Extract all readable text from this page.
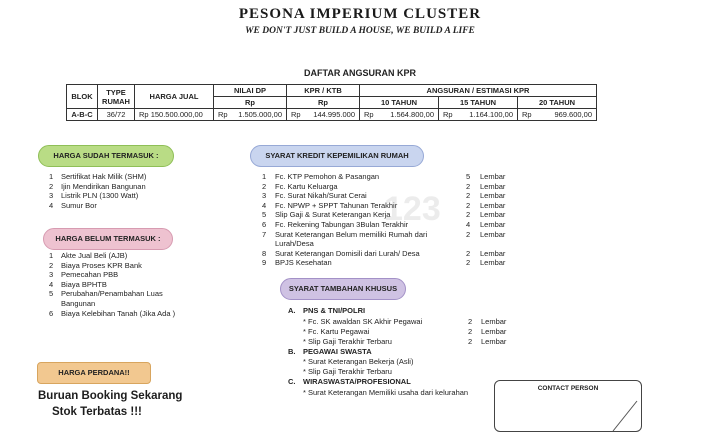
PESONA IMPERIUM CLUSTER
WE DON'T JUST BUILD A HOUSE, WE BUILD A LIFE
DAFTAR ANGSURAN KPR
BLOK	TYPE RUMAH	HARGA JUAL	NILAI DP	KPR / KTB	ANGSURAN / ESTIMASI KPR		
			Rp	Rp	10 TAHUN	15 TAHUN	20 TAHUN
A-B-C	36/72	Rp 150.500.000,00	Rp 1.505.000,00	Rp 144.995.000	Rp 1.564.800,00	Rp 1.164.100,00	Rp 969.600,00
HARGA SUDAH TERMASUK :
1 Sertifikat Hak Milik (SHM)
2 Ijin Mendirikan Bangunan
3 Listrik PLN (1300 Watt)
4 Sumur Bor
HARGA BELUM TERMASUK :
1 Akte Jual Beli (AJB)
2 Biaya Proses KPR Bank
3 Pemecahan PBB
4 Biaya BPHTB
5 Perubahan/Penambahan Luas
Bangunan
6 Biaya Kelebihan Tanah (Jika Ada )
HARGA PERDANA!!
Buruan Booking Sekarang
Stok Terbatas !!!
SYARAT KREDIT KEPEMILIKAN RUMAH
1 Fc. KTP Pemohon & Pasangan	5 Lembar
2 Fc. Kartu Keluarga	2 Lembar
3 Fc. Surat Nikah/Surat Cerai	2 Lembar
4 Fc. NPWP + SPPT Tahunan Terakhir	2 Lembar
5 Slip Gaji & Surat Keterangan Kerja	2 Lembar
6 Fc. Rekening Tabungan 3Bulan Terakhir	4 Lembar
7 Surat Keterangan Belum memiliki Rumah dari	2 Lembar
Lurah/Desa
8 Surat Keterangan Domisili dari Lurah/ Desa	2 Lembar
9 BPJS Kesehatan	2 Lembar
SYARAT TAMBAHAN KHUSUS
A. PNS & TNI/POLRI
* Fc. SK awaldan SK Akhir Pegawai	2 Lembar
* Fc. Kartu Pegawai	2 Lembar
* Slip Gaji Terakhir Terbaru	2 Lembar
B. PEGAWAI SWASTA
* Surat Keterangan Bekerja (Asli)
* Slip Gaji Terakhir Terbaru
C. WIRASWASTA/PROFESIONAL
* Surat Keterangan Memiliki usaha dari kelurahan	CONTACT PERSON
123
